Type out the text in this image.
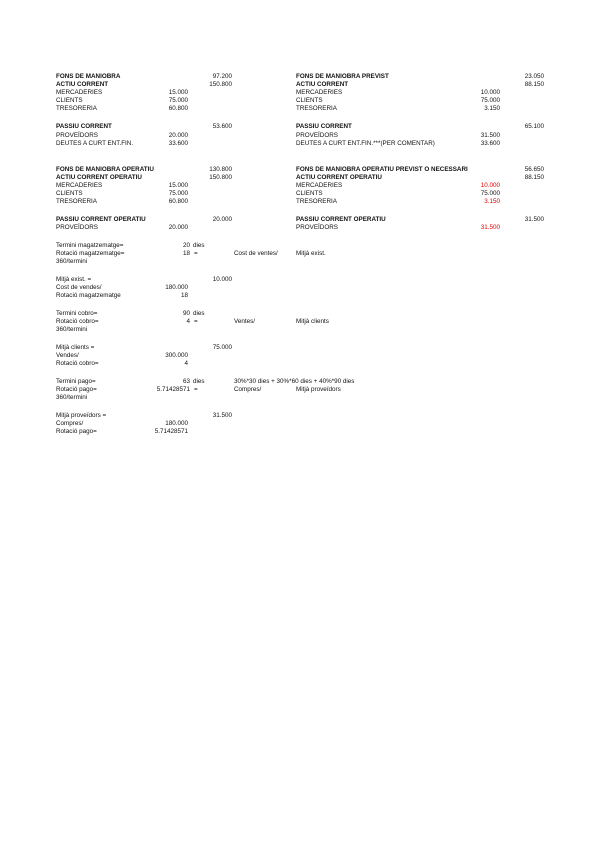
FONS DE MANIOBRA	97.200
ACTIU CORRENT	150.800
MERCADERIES	15.000
CLIENTS	75.000
TRESORERIA	60.800
PASSIU CORRENT	53.600
PROVEÏDORS	20.000
DEUTES A CURT ENT.FIN.	33.600
FONS DE MANIOBRA OPERATIU	130.800
ACTIU CORRENT OPERATIU	150.800
MERCADERIES	15.000
CLIENTS	75.000
TRESORERIA	60.800
PASSIU CORRENT OPERATIU	20.000
PROVEÏDORS	20.000
FONS DE MANIOBRA PREVIST	23.050
ACTIU CORRENT	88.150
MERCADERIES	10.000
CLIENTS	75.000
TRESORERIA	3.150
PASSIU CORRENT	65.100
PROVEÏDORS	31.500
DEUTES A CURT ENT.FIN.***(PER COMENTAR)	33.600
FONS DE MANIOBRA OPERATIU PREVIST O NECESSARI	56.650
ACTIU CORRENT OPERATIU	88.150
MERCADERIES	10.000
CLIENTS	75.000
TRESORERIA	3.150
PASSIU CORRENT OPERATIU	31.500
PROVEÏDORS	31.500
Termini magatzematge=	20 dies
Rotació magatzematge=	18 =	Cost de ventes/	Mitjà exist.
360/termini
Mitjà exist. =	10.000
Cost de vendes/	180.000
Rotació magatzematge	18
Termini cobro=	90 dies
Rotació cobro=	4 =	Ventes/	Mitjà clients
360/termini
Mitjà clients =	75.000
Vendes/	300.000
Rotació cobro=	4
Termini pago=	63 dies	30%*30 dies + 30%*60 dies + 40%*90 dies
Rotació pago=	5.71428571 =	Compres/	Mitjà proveïdors
360/termini
Mitjà proveïdors =	31.500
Compres/	180.000
Rotació pago=	5.71428571
